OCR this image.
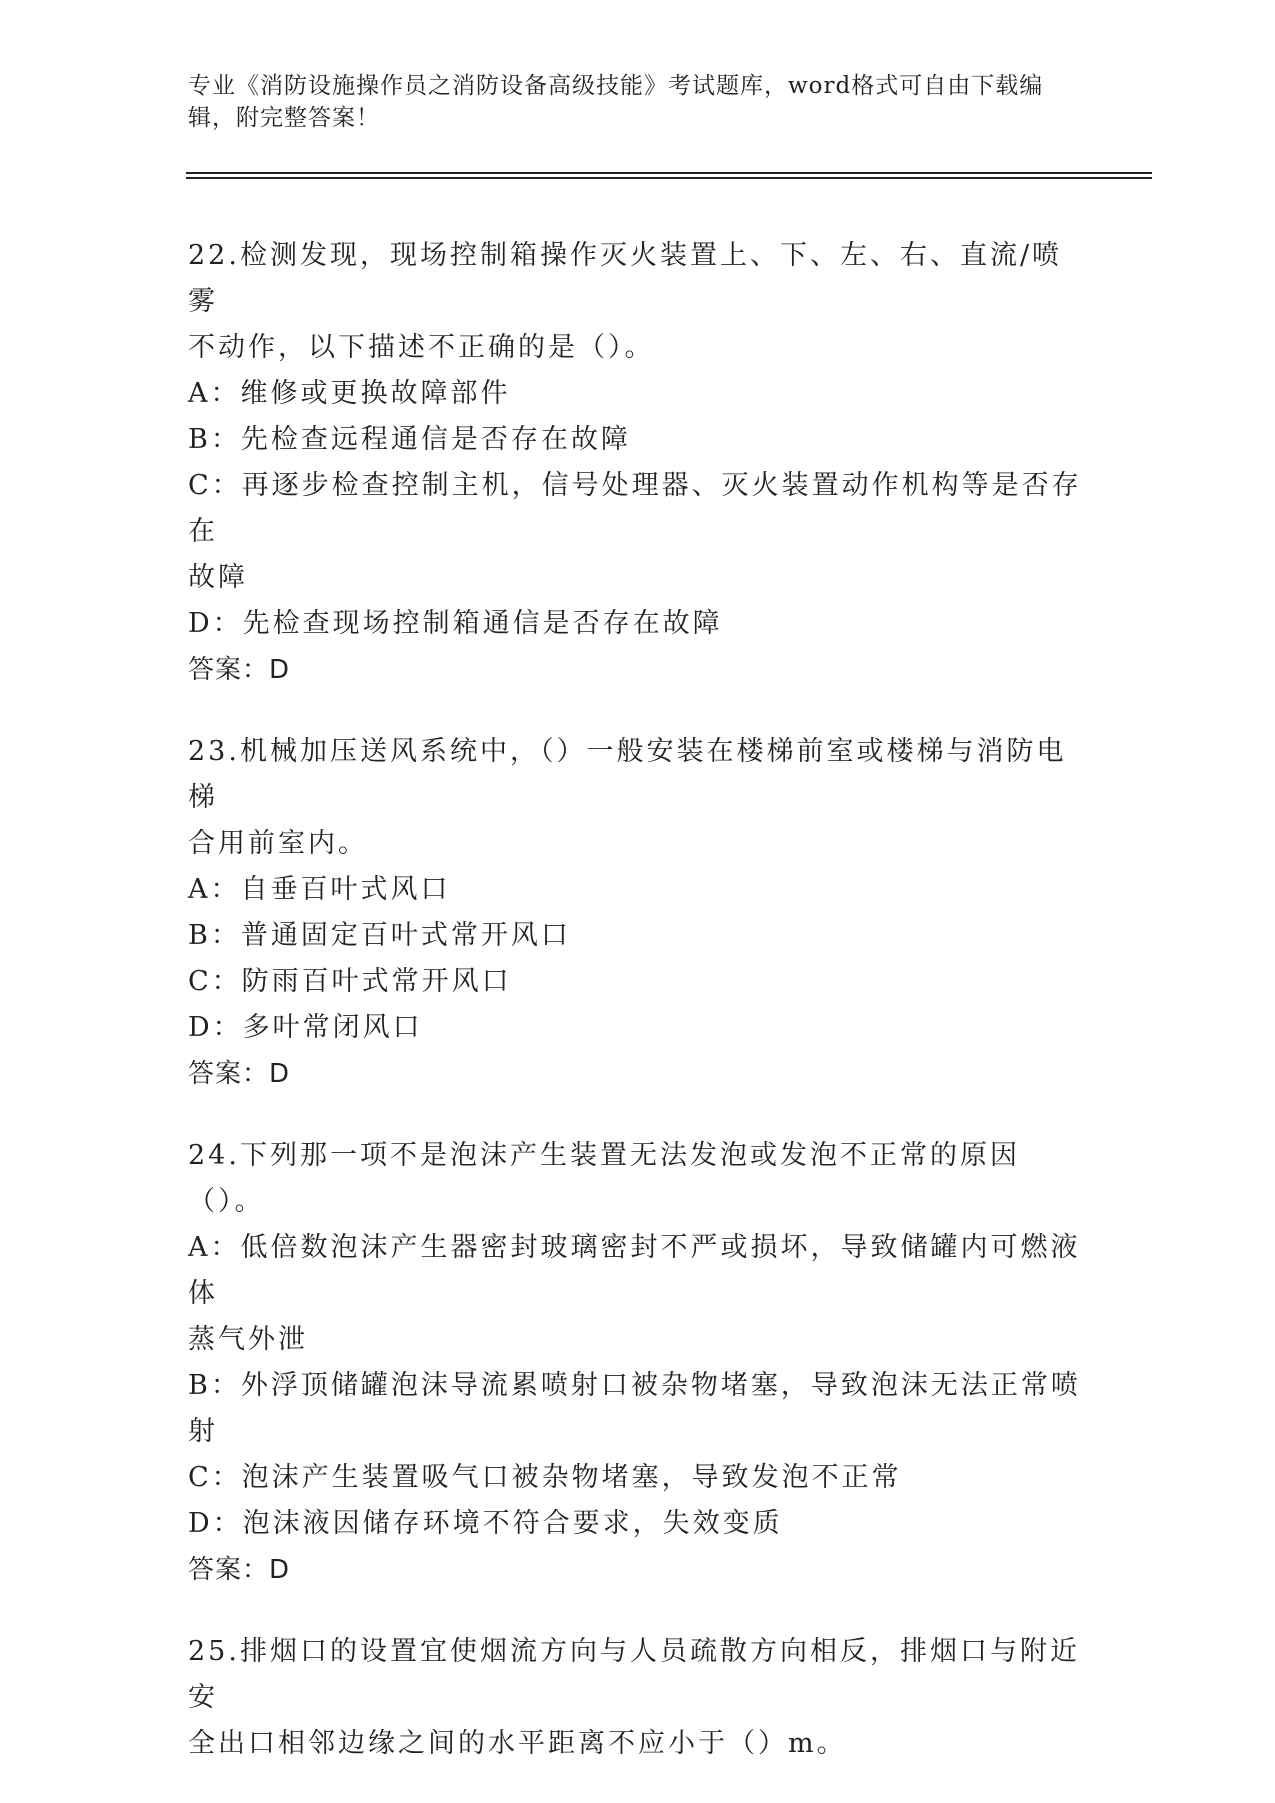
专业《消防设施操作员之消防设备高级技能》考试题库，word格式可自由下载编
辑，附完整答案！
22.检测发现，现场控制箱操作灭火装置上、下、左、右、直流/喷雾
不动作，以下描述不正确的是（）。
A：维修或更换故障部件
B：先检查远程通信是否存在故障
C：再逐步检查控制主机，信号处理器、灭火装置动作机构等是否存在
故障
D：先检查现场控制箱通信是否存在故障
答案：D
23.机械加压送风系统中，（）一般安装在楼梯前室或楼梯与消防电梯
合用前室内。
A：自垂百叶式风口
B：普通固定百叶式常开风口
C：防雨百叶式常开风口
D：多叶常闭风口
答案：D
24.下列那一项不是泡沫产生装置无法发泡或发泡不正常的原因（）。
A：低倍数泡沫产生器密封玻璃密封不严或损坏，导致储罐内可燃液体
蒸气外泄
B：外浮顶储罐泡沫导流累喷射口被杂物堵塞，导致泡沫无法正常喷射
C：泡沫产生装置吸气口被杂物堵塞，导致发泡不正常
D：泡沫液因储存环境不符合要求，失效变质
答案：D
25.排烟口的设置宜使烟流方向与人员疏散方向相反，排烟口与附近安
全出口相邻边缘之间的水平距离不应小于（）m。
